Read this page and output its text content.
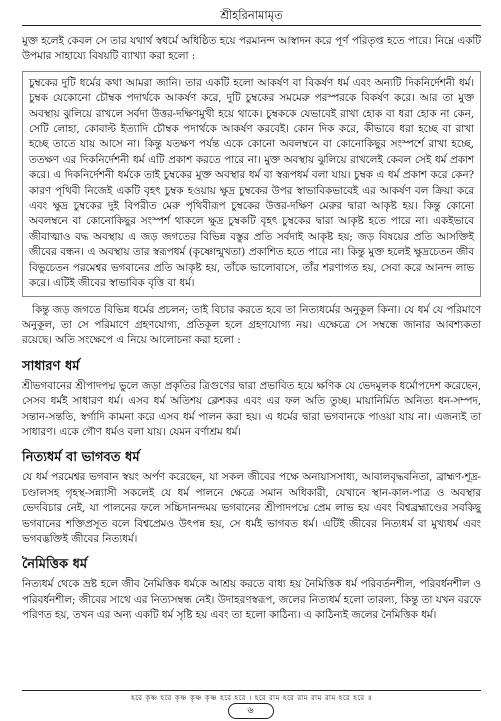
শ্রীহরিনামামৃত

মুক্ত হলেই কেবল সে তার যথার্থ স্বধর্মে অধিষ্ঠিত হয়ে পরমানন্দ আস্বাদন করে পূর্ণ পরিতৃপ্ত হতে পারে। নিম্নে একটি উপমার সাহায্যে বিষয়টি ব্যাখ্যা করা হলো :

চুম্বকের দুটি ধর্মের কথা আমরা জানি। তার একটি হলো আকর্ষণ বা বিকর্ষণ ধর্ম এবং অন্যটি দিকনির্দেশনী ধর্ম। চুম্বক যেকোনো চৌম্বক পদার্থকে আকর্ষণ করে, দুটি চুম্বকের সমমেরু পরস্পরকে বিকর্ষণ করে। আর তা মুক্ত অবস্থায় ঝুলিয়ে রাখলে সর্বদা উত্তর-দক্ষিণমুখী হয়ে থাকে। চুম্বককে যেভাবেই রাখা হোক বা ধরা হোক না কেন, সেটি লোহা, কোবাল্ট ইত্যাদি চৌম্বক পদার্থকে আকর্ষণ করবেই। কোন দিক করে, কীভাবে ধরা হচ্ছে বা রাখা হচ্ছে তাতে যায় আসে না। কিন্তু যতক্ষণ পর্যন্ত একে কোনো অবলম্বনে বা কোনোকিছুর সংস্পর্শে রাখা হচ্ছে, ততক্ষণ এর দিকনির্দেশনী ধর্ম এটি প্রকাশ করতে পারে না। মুক্ত অবস্থায় ঝুলিয়ে রাখলেই কেবল সেই ধর্ম প্রকাশ করে। এ দিকনির্দেশনী ধর্মকে তাই চুম্বকের মুক্ত অবস্থার ধর্ম বা স্বরূপধর্ম বলা যায়। চুম্বক এ ধর্ম প্রকাশ করে কেন? কারণ পৃথিবী নিজেই একটি বৃহৎ চুম্বক হওয়ায় ক্ষুদ্র চুম্বকের উপর স্বাভাবিকভাবেই এর আকর্ষণ বল ক্রিয়া করে এবং ক্ষুদ্র চুম্বকের দুই বিপরীত মেরু পৃথিবীরূপ চুম্বকের উত্তর-দক্ষিণ মেরুর দ্বারা আকৃষ্ট হয়। কিন্তু কোনো অবলম্বনে বা কোনোকিছুর সংস্পর্শ থাকলে ক্ষুদ্র চুম্বকটি বৃহৎ চুম্বকের দ্বারা আকৃষ্ট হতে পারে না। একইভাবে জীবাত্মাও বদ্ধ অবস্থায় এ জড় জগতের বিভিন্ন বস্তুর প্রতি সর্বদাই আকৃষ্ট হয়; জড় বিষয়ের প্রতি আসক্তিই জীবের বন্ধন। এ অবস্থায় তার স্বরূপধর্ম (কৃষ্ণোন্মুখতা) প্রকাশিত হতে পারে না। কিন্তু মুক্ত হলেই ক্ষুদ্রচেতন জীব বিভুচেতন পরমেশ্বর ভগবানের প্রতি আকৃষ্ট হয়, তাঁকে ভালোবাসে, তাঁর শরণাগত হয়, সেবা করে আনন্দ লাভ করে। এটিই জীবের স্বাভাবিক বৃত্তি বা ধর্ম।

কিন্তু জড় জগতে বিভিন্ন ধর্মের প্রচলন; তাই বিচার করতে হবে তা নিত্যধর্মের অনুকূল কিনা। যে ধর্ম যে পরিমাণে অনুকূল, তা সে পরিমাণে গ্রহণযোগ্য, প্রতিকূল হলে গ্রহণযোগ্য নয়। এক্ষেত্রে সে সম্বন্ধে জানার আবশ্যকতা রয়েছে। অতি সংক্ষেপে এ নিয়ে আলোচনা করা হলো :

সাধারণ ধর্ম

শ্রীভগবানের শ্রীপাদপদ্ম ভুলে জড়া প্রকৃতির ত্রিগুণের দ্বারা প্রভাবিত হয়ে ক্ষণিক যে ভেদমূলক ধর্মোপদেশ করেছেন, সেসব ধর্মই সাধারণ ধর্ম। এসব ধর্ম অতিশয় ক্লেশকর এবং এর ফল অতি তুচ্ছ। মায়ানির্মিত অনিত্য ধন-সম্পদ, সন্তান-সন্ততি, স্বর্গাদি কামনা করে এসব ধর্ম পালন করা হয়। এ ধর্মের দ্বারা ভগবানকে পাওয়া যায় না। এজন্যই তা সাধারণ। একে গৌণ ধর্মও বলা যায়। যেমন বর্ণাশ্রম ধর্ম।

নিত্যধর্ম বা ভাগবত ধর্ম

যে ধর্ম পরমেশ্বর ভগবান স্বয়ং অর্পণ করেছেন, যা সকল জীবের পক্ষে অনায়াসসাধ্য, আবালবৃদ্ধবনিতা, ব্রাহ্মণ-শূদ্র-চণ্ডালসহ গৃহস্থ-সন্ন্যাসী সকলেই যে ধর্ম পালনে ক্ষেত্রে সমান অধিকারী, যেখানে স্থান-কাল-পাত্র ও অবস্থার ভেদবিচার নেই, যা পালনের ফলে সচ্চিদানন্দময় ভগবানের শ্রীপাদপদ্মে প্রেম লাভ হয় এবং বিশ্বব্রহ্মাণ্ডের সবকিছু ভগবানের শক্তিপ্রসূত বলে বিশ্বপ্রেমও উৎপন্ন হয়, সে ধর্মই ভাগবত ধর্ম। এটিই জীবের নিত্যধর্ম বা মুখ্যধর্ম এবং ভগবদ্ভক্তিই জীবের নিত্যধর্ম।

নৈমিত্তিক ধর্ম

নিত্যধর্ম থেকে ভ্রষ্ট হলে জীব নৈমিত্তিক ধর্মকে আশ্রয় করতে বাধ্য হয় নৈমিত্তিক ধর্ম পরিবর্তনশীল, পরিবর্ধনশীল ও পরিবর্ধনশীল; জীবের সাথে এর নিত্যসম্বন্ধ নেই। উদাহরণস্বরূপ, জলের নিত্যধর্ম হলো তারল্য, কিন্তু তা যখন বরফে পরিণত হয়, তখন এর অন্য একটি ধর্ম সৃষ্টি হয় এবং তা হলো কাঠিন্য। এ কাঠিন্যই জলের নৈমিত্তিক ধর্ম।

হরে কৃষ্ণ হরে কৃষ্ণ কৃষ্ণ কৃষ্ণ হরে হরে । হরে রাম হরে রাম রাম রাম হরে হরে ॥
৬
